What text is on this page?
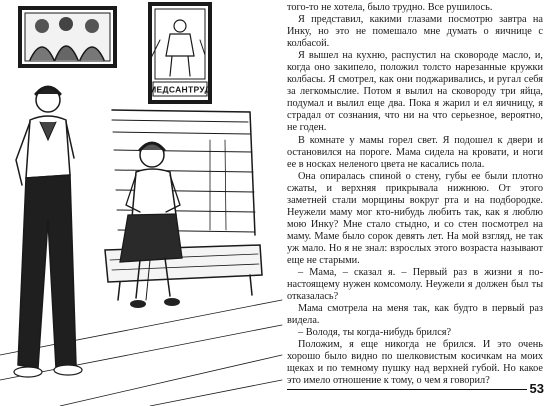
МЕДСАНТРУД

того-то не хотела, было трудно. Все рушилось.

Я представил, какими глазами посмотрю завтра на Инку, но это не помешало мне думать о яичнице с колбасой.

Я вышел на кухню, распустил на сковороде масло, и, когда оно закипело, положил толсто нарезанные кружки колбасы. Я смотрел, как они поджаривались, и ругал себя за легкомыслие. Потом я вылил на сковороду три яйца, подумал и вылил еще два. Пока я жарил и ел яичницу, я страдал от сознания, что ни на что серьезное, вероятно, не годен.

В комнате у мамы горел свет. Я подошел к двери и остановился на пороге. Мама сидела на кровати, и ноги ее в носках неленого цвета не касались пола.

Она опиралась спиной о стену, губы ее были плотно сжаты, и верхняя прикрывала нижнюю. От этого заметней стали морщины вокруг рта и на подбородке. Неужели маму мог кто-нибудь любить так, как я люблю мою Инку? Мне стало стыдно, и со стен посмотрел на маму. Маме было сорок девять лет. На мой взгляд, не так уж мало. Но я не знал: взрослых этого возраста называют еще не старыми.

– Мама, – сказал я. – Первый раз в жизни я по-настоящему нужен комсомолу. Неужели я должен был ты отказалась?

Мама смотрела на меня так, как будто в первый раз видела.

– Володя, ты когда-нибудь брился?

Положим, я еще никогда не брился. И это очень хорошо было видно по шелковистым косичкам на моих щеках и по темному пушку над верхней губой. Но какое это имело отношение к тому, о чем я говорил?

53
